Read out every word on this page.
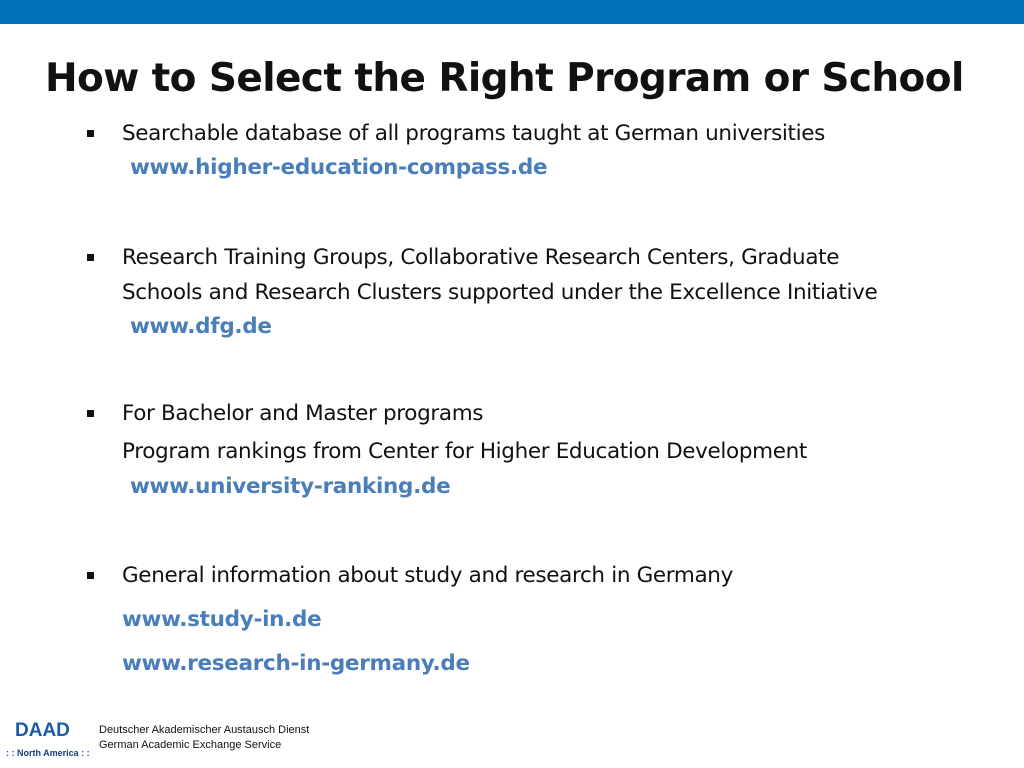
How to Select the Right Program or School
Searchable database of all programs taught at German universities
www.higher-education-compass.de
Research Training Groups, Collaborative Research Centers, Graduate
Schools and Research Clusters supported under the Excellence Initiative
www.dfg.de
For Bachelor and Master programs
Program rankings from Center for Higher Education Development
www.university-ranking.de
General information about study and research in Germany
www.study-in.de
www.research-in-germany.de
DAAD
: : North America : :
Deutscher Akademischer Austausch Dienst
German Academic Exchange Service
